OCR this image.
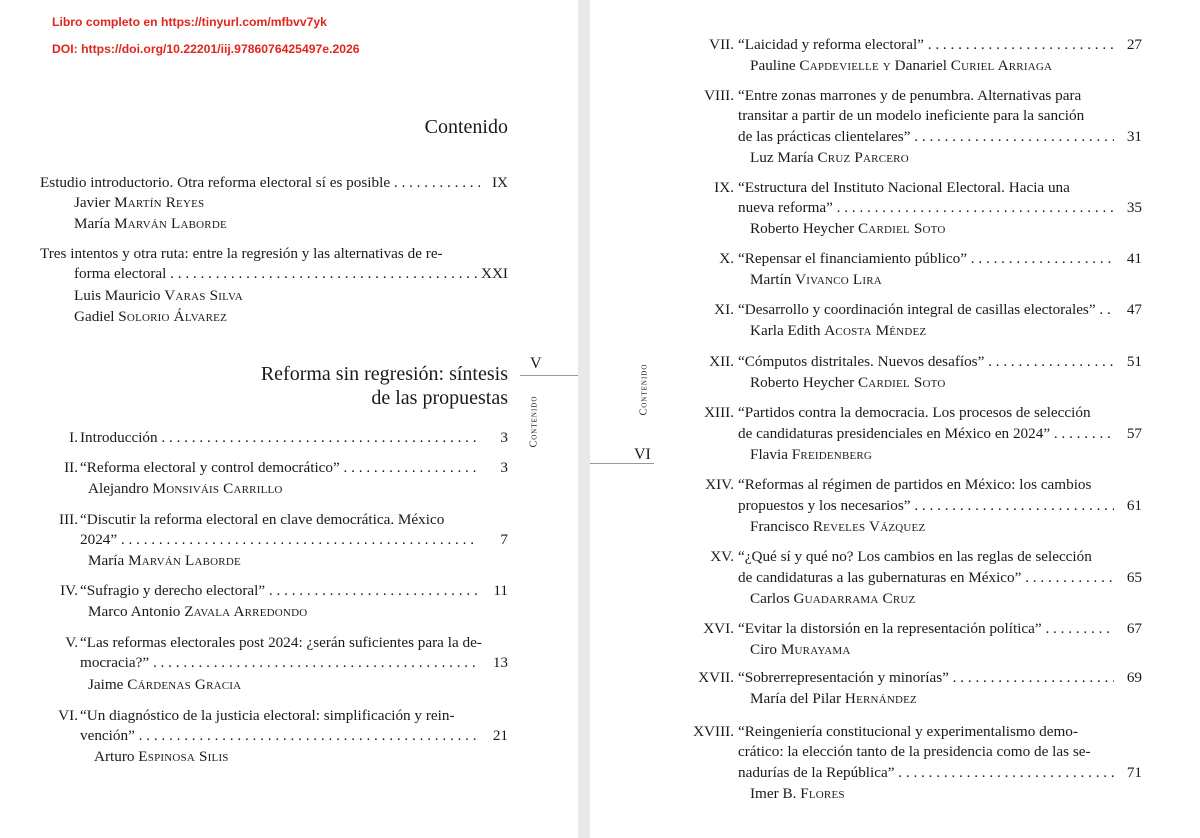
Libro completo en https://tinyurl.com/mfbvv7yk
DOI: https://doi.org/10.22201/iij.9786076425497e.2026
Contenido
Estudio introductorio. Otra reforma electoral sí es posible . . .	IX
Javier Martín Reyes
María Marván Laborde
Tres intentos y otra ruta: entre la regresión y las alternativas de re-
forma electoral . . .	XXI
Luis Mauricio Varas Silva
Gadiel Solorio Álvarez
Reforma sin regresión: síntesis
de las propuestas
I. Introducción . . .	3
II. “Reforma electoral y control democrático” . . .	3
Alejandro Monsiváis Carrillo
III. “Discutir la reforma electoral en clave democrática. México
2024” . . .	7
María Marván Laborde
IV. “Sufragio y derecho electoral” . . .	11
Marco Antonio Zavala Arredondo
V. “Las reformas electorales post 2024: ¿serán suficientes para la de-
mocracia?” . . .	13
Jaime Cárdenas Gracia
VI. “Un diagnóstico de la justicia electoral: simplificación y rein-
vención” . . .	21
Arturo Espinosa Silis
V
Contenido
Contenido
VI
VII. “Laicidad y reforma electoral” . . .	27
Pauline Capdevielle y Danariel Curiel Arriaga
VIII. “Entre zonas marrones y de penumbra. Alternativas para
transitar a partir de un modelo ineficiente para la sanción
de las prácticas clientelares” . . .	31
Luz María Cruz Parcero
IX. “Estructura del Instituto Nacional Electoral. Hacia una
nueva reforma” . . .	35
Roberto Heycher Cardiel Soto
X. “Repensar el financiamiento público” . . .	41
Martín Vivanco Lira
XI. “Desarrollo y coordinación integral de casillas electorales” . . .	47
Karla Edith Acosta Méndez
XII. “Cómputos distritales. Nuevos desafíos” . . .	51
Roberto Heycher Cardiel Soto
XIII. “Partidos contra la democracia. Los procesos de selección
de candidaturas presidenciales en México en 2024” . . .	57
Flavia Freidenberg
XIV. “Reformas al régimen de partidos en México: los cambios
propuestos y los necesarios” . . .	61
Francisco Reveles Vázquez
XV. “¿Qué sí y qué no? Los cambios en las reglas de selección
de candidaturas a las gubernaturas en México” . . .	65
Carlos Guadarrama Cruz
XVI. “Evitar la distorsión en la representación política” . . .	67
Ciro Murayama
XVII. “Sobrerrepresentación y minorías” . . .	69
María del Pilar Hernández
XVIII. “Reingeniería constitucional y experimentalismo demo-
crático: la elección tanto de la presidencia como de las se-
nadurías de la República” . . .	71
Imer B. Flores
